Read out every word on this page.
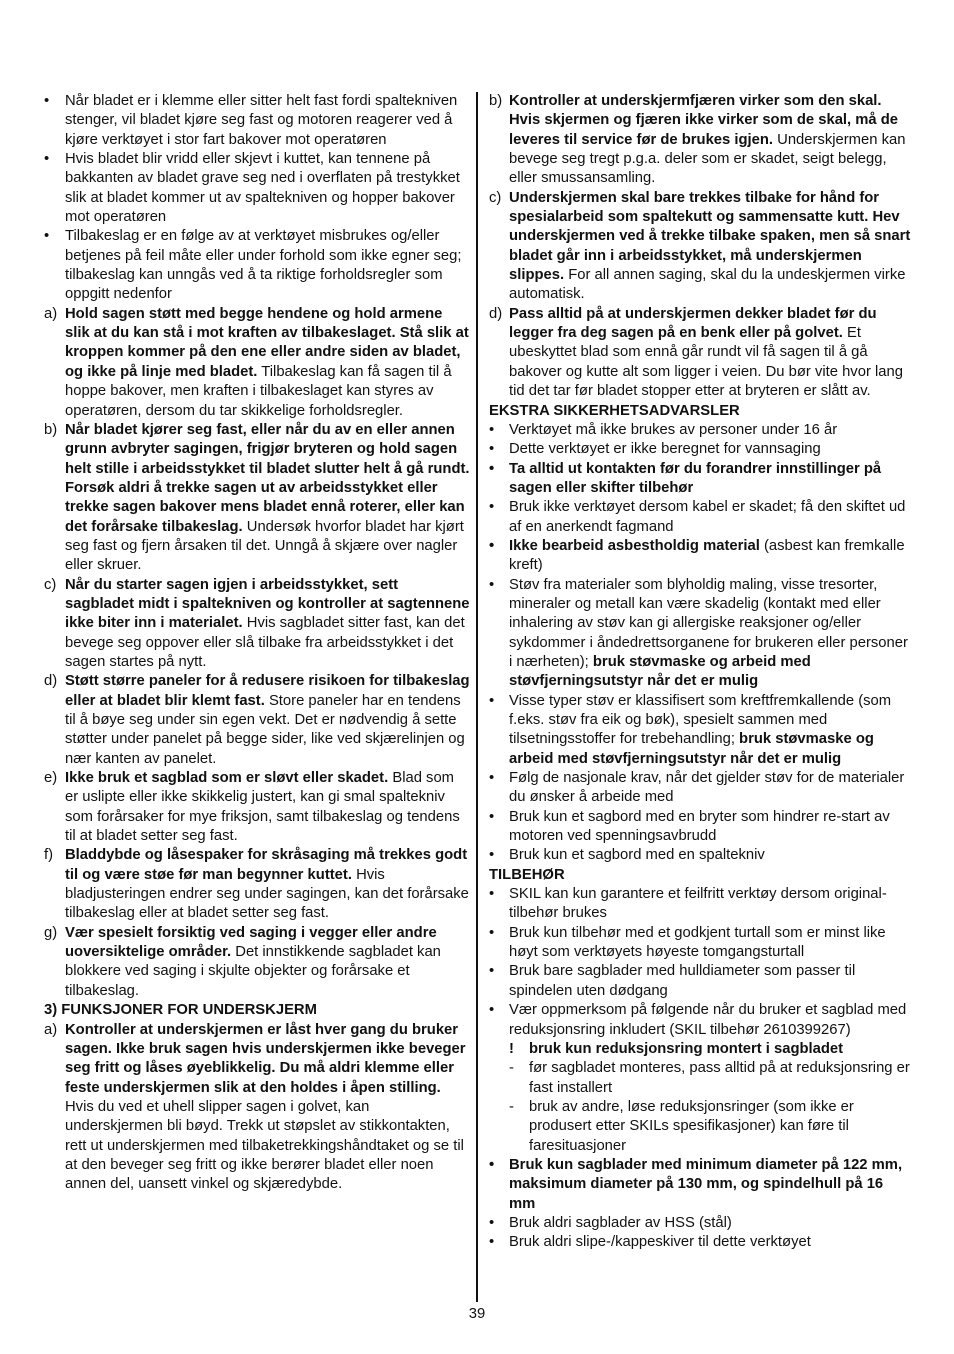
• Når bladet er i klemme eller sitter helt fast fordi spaltekniven stenger, vil bladet kjøre seg fast og motoren reagerer ved å kjøre verktøyet i stor fart bakover mot operatøren
• Hvis bladet blir vridd eller skjevt i kuttet, kan tennene på bakkanten av bladet grave seg ned i overflaten på trestykket slik at bladet kommer ut av spaltekniven og hopper bakover mot operatøren
• Tilbakeslag er en følge av at verktøyet misbrukes og/eller betjenes på feil måte eller under forhold som ikke egner seg; tilbakeslag kan unngås ved å ta riktige forholdsregler som oppgitt nedenfor
a) Hold sagen støtt med begge hendene og hold armene slik at du kan stå i mot kraften av tilbakeslaget. Stå slik at kroppen kommer på den ene eller andre siden av bladet, og ikke på linje med bladet. Tilbakeslag kan få sagen til å hoppe bakover, men kraften i tilbakeslaget kan styres av operatøren, dersom du tar skikkelige forholdsregler.
b) Når bladet kjører seg fast, eller når du av en eller annen grunn avbryter sagingen, frigjør bryteren og hold sagen helt stille i arbeidsstykket til bladet slutter helt å gå rundt. Forsøk aldri å trekke sagen ut av arbeidsstykket eller trekke sagen bakover mens bladet ennå roterer, eller kan det forårsake tilbakeslag. Undersøk hvorfor bladet har kjørt seg fast og fjern årsaken til det. Unngå å skjære over nagler eller skruer.
c) Når du starter sagen igjen i arbeidsstykket, sett sagbladet midt i spaltekniven og kontroller at sagtennene ikke biter inn i materialet. Hvis sagbladet sitter fast, kan det bevege seg oppover eller slå tilbake fra arbeidsstykket i det sagen startes på nytt.
d) Støtt større paneler for å redusere risikoen for tilbakeslag eller at bladet blir klemt fast. Store paneler har en tendens til å bøye seg under sin egen vekt. Det er nødvendig å sette støtter under panelet på begge sider, like ved skjærelinjen og nær kanten av panelet.
e) Ikke bruk et sagblad som er sløvt eller skadet. Blad som er uslipte eller ikke skikkelig justert, kan gi smal spaltekniv som forårsaker for mye friksjon, samt tilbakeslag og tendens til at bladet setter seg fast.
f) Bladdybde og låsespaker for skråsaging må trekkes godt til og være støe før man begynner kuttet. Hvis bladjusteringen endrer seg under sagingen, kan det forårsake tilbakeslag eller at bladet setter seg fast.
g) Vær spesielt forsiktig ved saging i vegger eller andre uoversiktelige områder. Det innstikkende sagbladet kan blokkere ved saging i skjulte objekter og forårsake et tilbakeslag.
3) FUNKSJONER FOR UNDERSKJERM
a) Kontroller at underskjermen er låst hver gang du bruker sagen. Ikke bruk sagen hvis underskjermen ikke beveger seg fritt og låses øyeblikkelig. Du må aldri klemme eller feste underskjermen slik at den holdes i åpen stilling. Hvis du ved et uhell slipper sagen i golvet, kan underskjermen bli bøyd. Trekk ut støpslet av stikkontakten, rett ut underskjermen med tilbaketrekkingshåndtaket og se til at den beveger seg fritt og ikke berører bladet eller noen annen del, uansett vinkel og skjæredybde.
b) Kontroller at underskjermfjæren virker som den skal. Hvis skjermen og fjæren ikke virker som de skal, må de leveres til service før de brukes igjen. Underskjermen kan bevege seg tregt p.g.a. deler som er skadet, seigt belegg, eller smussansamling.
c) Underskjermen skal bare trekkes tilbake for hånd for spesialarbeid som spaltekutt og sammensatte kutt. Hev underskjermen ved å trekke tilbake spaken, men så snart bladet går inn i arbeidsstykket, må underskjermen slippes. For all annen saging, skal du la undeskjermen virke automatisk.
d) Pass alltid på at underskjermen dekker bladet før du legger fra deg sagen på en benk eller på golvet. Et ubeskyttet blad som ennå går rundt vil få sagen til å gå bakover og kutte alt som ligger i veien. Du bør vite hvor lang tid det tar før bladet stopper etter at bryteren er slått av.
EKSTRA SIKKERHETSADVARSLER
• Verktøyet må ikke brukes av personer under 16 år
• Dette verktøyet er ikke beregnet for vannsaging
• Ta alltid ut kontakten før du forandrer innstillinger på sagen eller skifter tilbehør
• Bruk ikke verktøyet dersom kabel er skadet; få den skiftet ud af en anerkendt fagmand
• Ikke bearbeid asbestholdig material (asbest kan fremkalle kreft)
• Støv fra materialer som blyholdig maling, visse tresorter, mineraler og metall kan være skadelig (kontakt med eller inhalering av støv kan gi allergiske reaksjoner og/eller sykdommer i åndedrettsorganene for brukeren eller personer i nærheten); bruk støvmaske og arbeid med støvfjerningsutstyr når det er mulig
• Visse typer støv er klassifisert som kreftfremkallende (som f.eks. støv fra eik og bøk), spesielt sammen med tilsetningsstoffer for trebehandling; bruk støvmaske og arbeid med støvfjerningsutstyr når det er mulig
• Følg de nasjonale krav, når det gjelder støv for de materialer du ønsker å arbeide med
• Bruk kun et sagbord med en bryter som hindrer re-start av motoren ved spenningsavbrudd
• Bruk kun et sagbord med en spaltekniv
TILBEHØR
• SKIL kan kun garantere et feilfritt verktøy dersom original-tilbehør brukes
• Bruk kun tilbehør med et godkjent turtall som er minst like høyt som verktøyets høyeste tomgangsturtall
• Bruk bare sagblader med hulldiameter som passer til spindelen uten dødgang
• Vær oppmerksom på følgende når du bruker et sagblad med reduksjonsring inkludert (SKIL tilbehør 2610399267)
! bruk kun reduksjonsring montert i sagbladet
- før sagbladet monteres, pass alltid på at reduksjonsring er fast installert
- bruk av andre, løse reduksjonsringer (som ikke er produsert etter SKILs spesifikasjoner) kan føre til faresituasjoner
• Bruk kun sagblader med minimum diameter på 122 mm, maksimum diameter på 130 mm, og spindelhull på 16 mm
• Bruk aldri sagblader av HSS (stål)
• Bruk aldri slipe-/kappeskiver til dette verktøyet
39
